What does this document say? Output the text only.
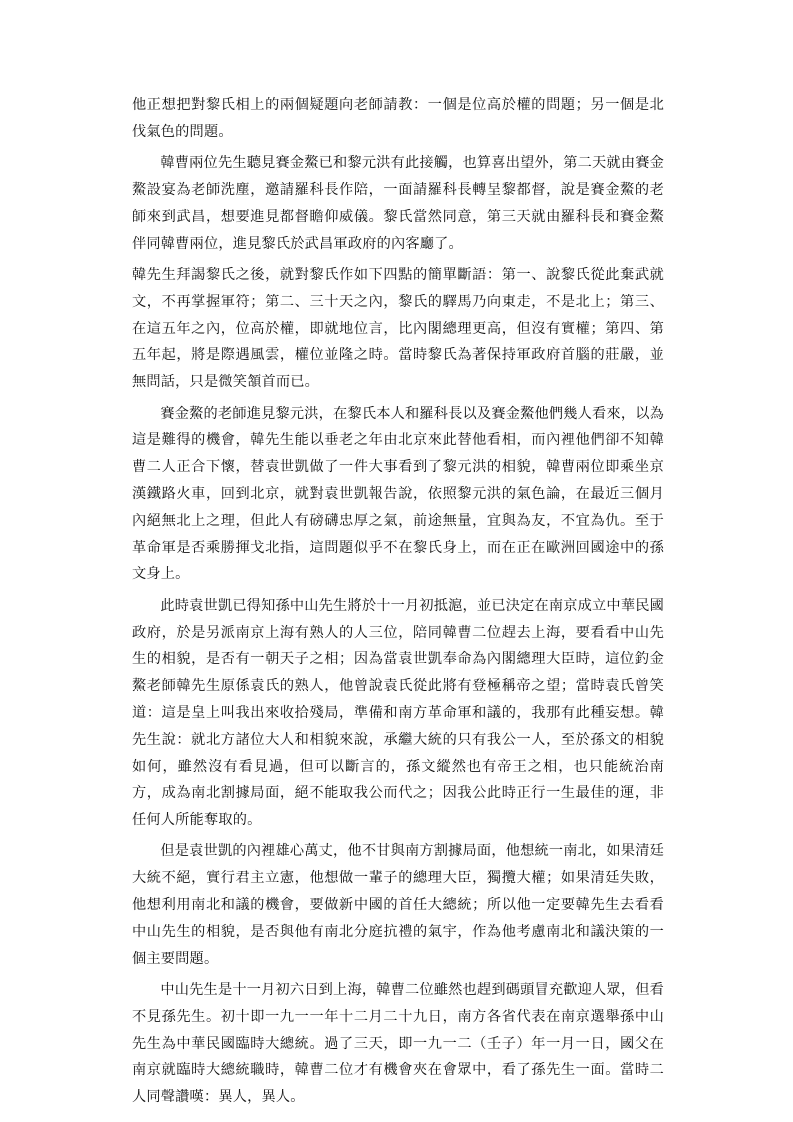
他正想把對黎氏相上的兩個疑題向老師請教：一個是位高於權的問題；另一個是北伐氣色的問題。

韓曹兩位先生聽見賽金鰲已和黎元洪有此接觸，也算喜出望外，第二天就由賽金鰲設宴為老師洗塵，邀請羅科長作陪，一面請羅科長轉呈黎都督，說是賽金鰲的老師來到武昌，想要進見都督瞻仰威儀。黎氏當然同意，第三天就由羅科長和賽金鰲伴同韓曹兩位，進見黎氏於武昌軍政府的內客廳了。

韓先生拜謁黎氏之後，就對黎氏作如下四點的簡單斷語：第一、說黎氏從此棄武就文，不再掌握軍符；第二、三十天之內，黎氏的驛馬乃向東走，不是北上；第三、在這五年之內，位高於權，即就地位言，比內閣總理更高，但沒有實權；第四、第五年起，將是際遇風雲，權位並隆之時。當時黎氏為著保持軍政府首腦的莊嚴，並無問話，只是微笑頷首而已。

賽金鰲的老師進見黎元洪，在黎氏本人和羅科長以及賽金鰲他們幾人看來，以為這是難得的機會，韓先生能以垂老之年由北京來此替他看相，而內裡他們卻不知韓曹二人正合下懷，替袁世凱做了一件大事看到了黎元洪的相貌，韓曹兩位即乘坐京漢鐵路火車，回到北京，就對袁世凱報告說，依照黎元洪的氣色論，在最近三個月內絕無北上之理，但此人有磅礴忠厚之氣，前途無量，宜與為友，不宜為仇。至于革命軍是否乘勝揮戈北指，這問題似乎不在黎氏身上，而在正在歐洲回國途中的孫文身上。

此時袁世凱已得知孫中山先生將於十一月初抵滬，並已決定在南京成立中華民國政府，於是另派南京上海有熟人的人三位，陪同韓曹二位趕去上海，要看看中山先生的相貌，是否有一朝天子之相；因為當袁世凱奉命為內閣總理大臣時，這位釣金鰲老師韓先生原係袁氏的熟人，他曾說袁氏從此將有登極稱帝之望；當時袁氏曾笑道：這是皇上叫我出來收拾殘局，準備和南方革命軍和議的，我那有此種妄想。韓先生說：就北方諸位大人和相貌來說，承繼大統的只有我公一人，至於孫文的相貌如何，雖然沒有看見過，但可以斷言的，孫文縱然也有帝王之相，也只能統治南方，成為南北割據局面，絕不能取我公而代之；因我公此時正行一生最佳的運，非任何人所能奪取的。

但是袁世凱的內裡雄心萬丈，他不甘與南方割據局面，他想統一南北，如果清廷大統不絕，實行君主立憲，他想做一輩子的總理大臣，獨攬大權；如果清廷失敗，他想利用南北和議的機會，要做新中國的首任大總統；所以他一定要韓先生去看看中山先生的相貌，是否與他有南北分庭抗禮的氣宇，作為他考慮南北和議決策的一個主要問題。

中山先生是十一月初六日到上海，韓曹二位雖然也趕到碼頭冒充歡迎人眾，但看不見孫先生。初十即一九一一年十二月二十九日，南方各省代表在南京選舉孫中山先生為中華民國臨時大總統。過了三天，即一九一二（壬子）年一月一日，國父在南京就臨時大總統職時，韓曹二位才有機會夾在會眾中，看了孫先生一面。當時二人同聲讚嘆：異人，異人。
